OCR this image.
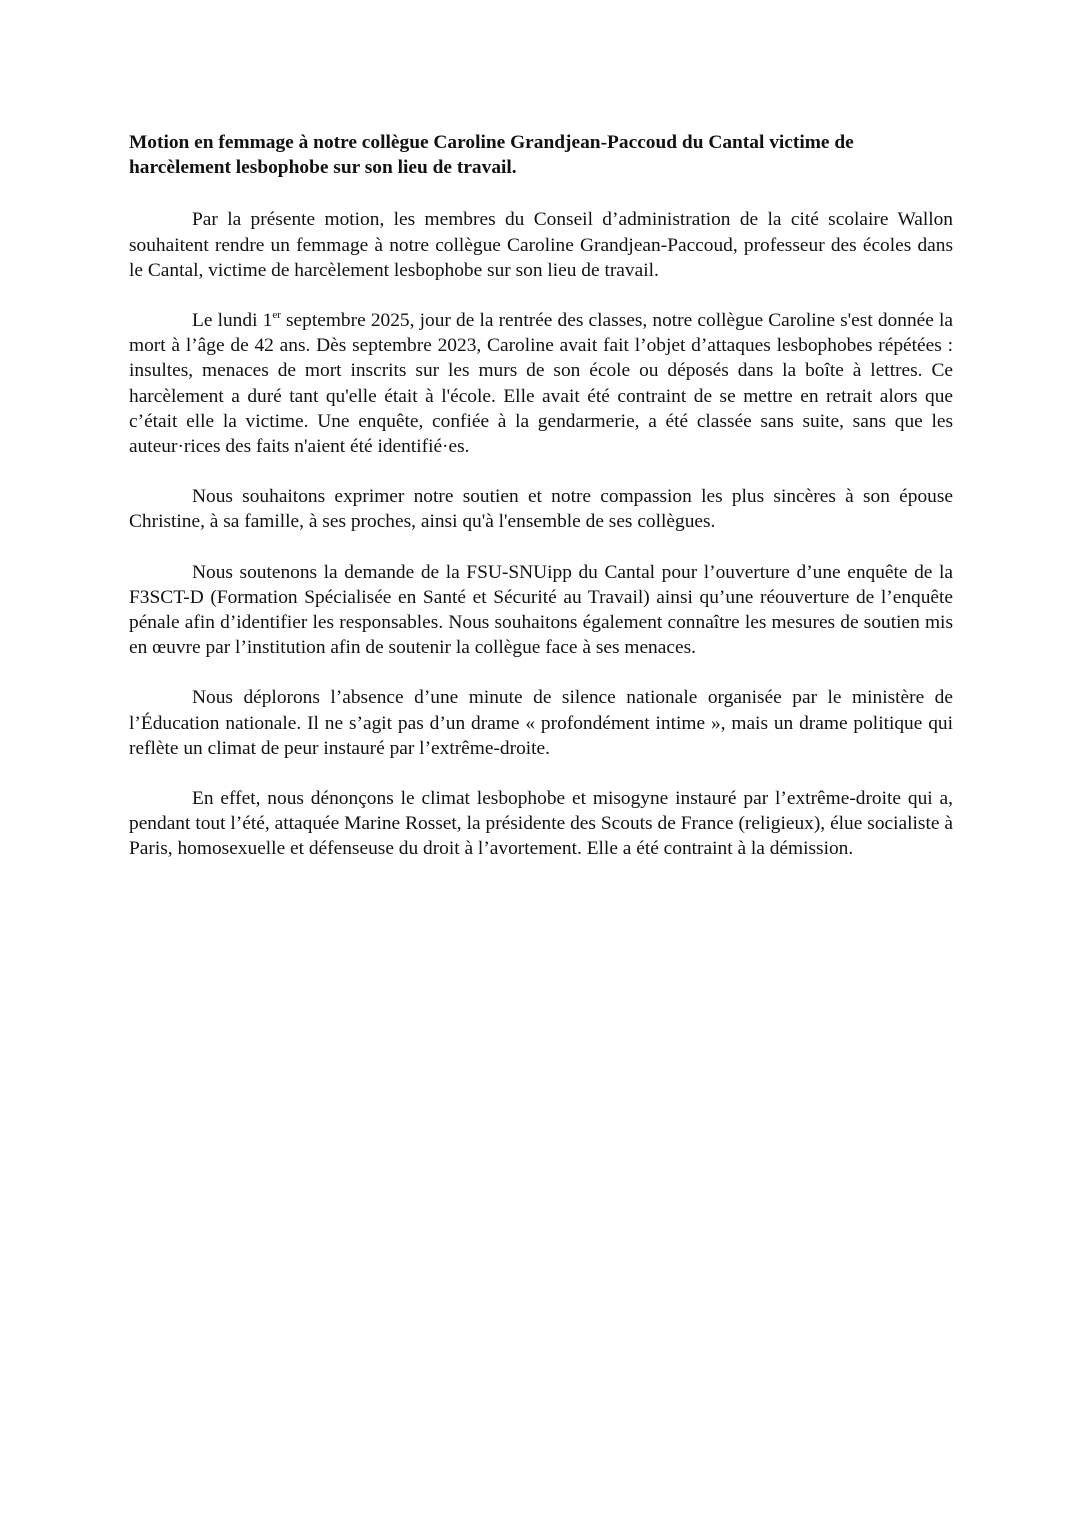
Motion en femmage à notre collègue Caroline Grandjean-Paccoud du Cantal victime de harcèlement lesbophobe sur son lieu de travail.

Par la présente motion, les membres du Conseil d’administration de la cité scolaire Wallon souhaitent rendre un femmage à notre collègue Caroline Grandjean-Paccoud, professeur des écoles dans le Cantal, victime de harcèlement lesbophobe sur son lieu de travail.

Le lundi 1er septembre 2025, jour de la rentrée des classes, notre collègue Caroline s'est donnée la mort à l’âge de 42 ans. Dès septembre 2023, Caroline avait fait l’objet d’attaques lesbophobes répétées : insultes, menaces de mort inscrits sur les murs de son école ou déposés dans la boîte à lettres. Ce harcèlement a duré tant qu'elle était à l'école. Elle avait été contraint de se mettre en retrait alors que c’était elle la victime. Une enquête, confiée à la gendarmerie, a été classée sans suite, sans que les auteur·rices des faits n'aient été identifié·es.

Nous souhaitons exprimer notre soutien et notre compassion les plus sincères à son épouse Christine, à sa famille, à ses proches, ainsi qu'à l'ensemble de ses collègues.

Nous soutenons la demande de la FSU-SNUipp du Cantal pour l’ouverture d’une enquête de la F3SCT-D (Formation Spécialisée en Santé et Sécurité au Travail) ainsi qu’une réouverture de l’enquête pénale afin d’identifier les responsables. Nous souhaitons également connaître les mesures de soutien mis en œuvre par l’institution afin de soutenir la collègue face à ses menaces.

Nous déplorons l’absence d’une minute de silence nationale organisée par le ministère de l’Éducation nationale. Il ne s’agit pas d’un drame « profondément intime », mais un drame politique qui reflète un climat de peur instauré par l’extrême-droite.

En effet, nous dénonçons le climat lesbophobe et misogyne instauré par l’extrême-droite qui a, pendant tout l’été, attaquée Marine Rosset, la présidente des Scouts de France (religieux), élue socialiste à Paris, homosexuelle et défenseuse du droit à l’avortement. Elle a été contraint à la démission.
